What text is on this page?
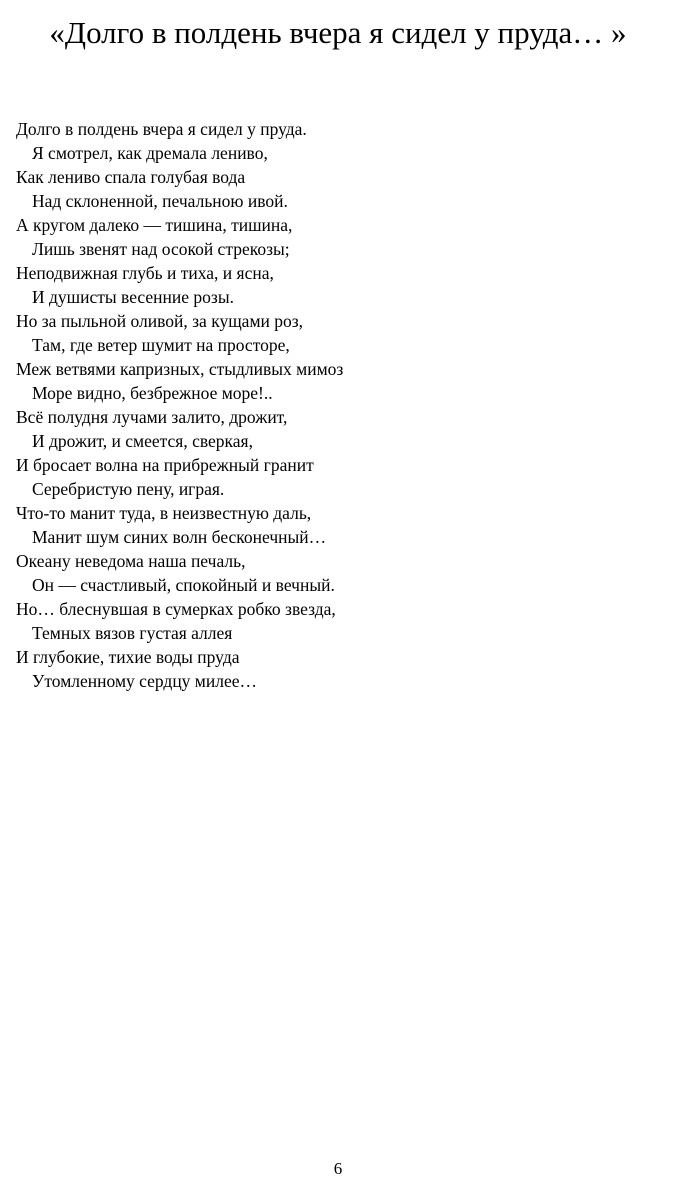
«Долго в полдень вчера я сидел у пруда… »
Долго в полдень вчера я сидел у пруда.
Я смотрел, как дремала лениво,
Как лениво спала голубая вода
Над склоненной, печальною ивой.
А кругом далеко — тишина, тишина,
Лишь звенят над осокой стрекозы;
Неподвижная глубь и тиха, и ясна,
И душисты весенние розы.
Но за пыльной оливой, за кущами роз,
Там, где ветер шумит на просторе,
Меж ветвями капризных, стыдливых мимоз
Море видно, безбрежное море!..
Всё полудня лучами залито, дрожит,
И дрожит, и смеется, сверкая,
И бросает волна на прибрежный гранит
Серебристую пену, играя.
Что-то манит туда, в неизвестную даль,
Манит шум синих волн бесконечный…
Океану неведома наша печаль,
Он — счастливый, спокойный и вечный.
Но… блеснувшая в сумерках робко звезда,
Темных вязов густая аллея
И глубокие, тихие воды пруда
Утомленному сердцу милее…
6
